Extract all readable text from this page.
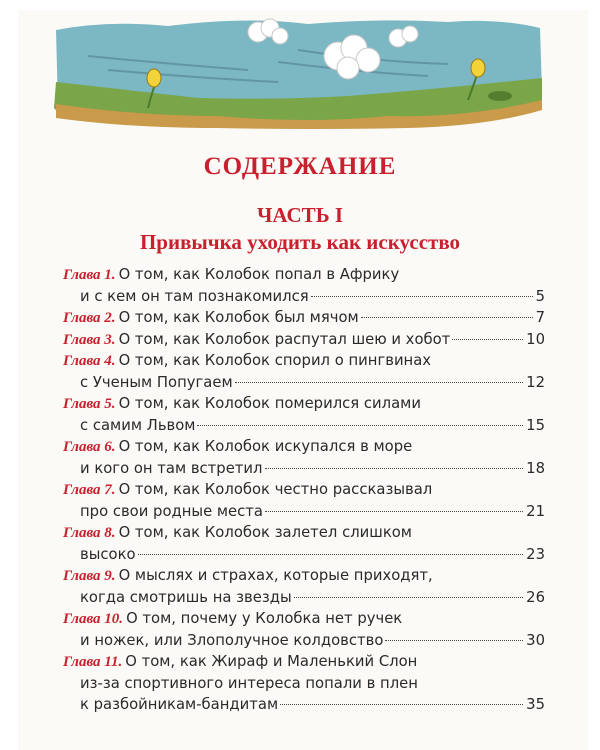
СОДЕРЖАНИЕ
ЧАСТЬ I
Привычка уходить как искусство
Глава 1. О том, как Колобок попал в Африку
и с кем он там познакомился	5
Глава 2. О том, как Колобок был мячом	7
Глава 3. О том, как Колобок распутал шею и хобот	10
Глава 4. О том, как Колобок спорил о пингвинах
с Ученым Попугаем	12
Глава 5. О том, как Колобок померился силами
с самим Львом	15
Глава 6. О том, как Колобок искупался в море
и кого он там встретил	18
Глава 7. О том, как Колобок честно рассказывал
про свои родные места	21
Глава 8. О том, как Колобок залетел слишком
высоко	23
Глава 9. О мыслях и страхах, которые приходят,
когда смотришь на звезды	26
Глава 10. О том, почему у Колобка нет ручек
и ножек, или Злополучное колдовство	30
Глава 11. О том, как Жираф и Маленький Слон
из-за спортивного интереса попали в плен
к разбойникам-бандитам	35
